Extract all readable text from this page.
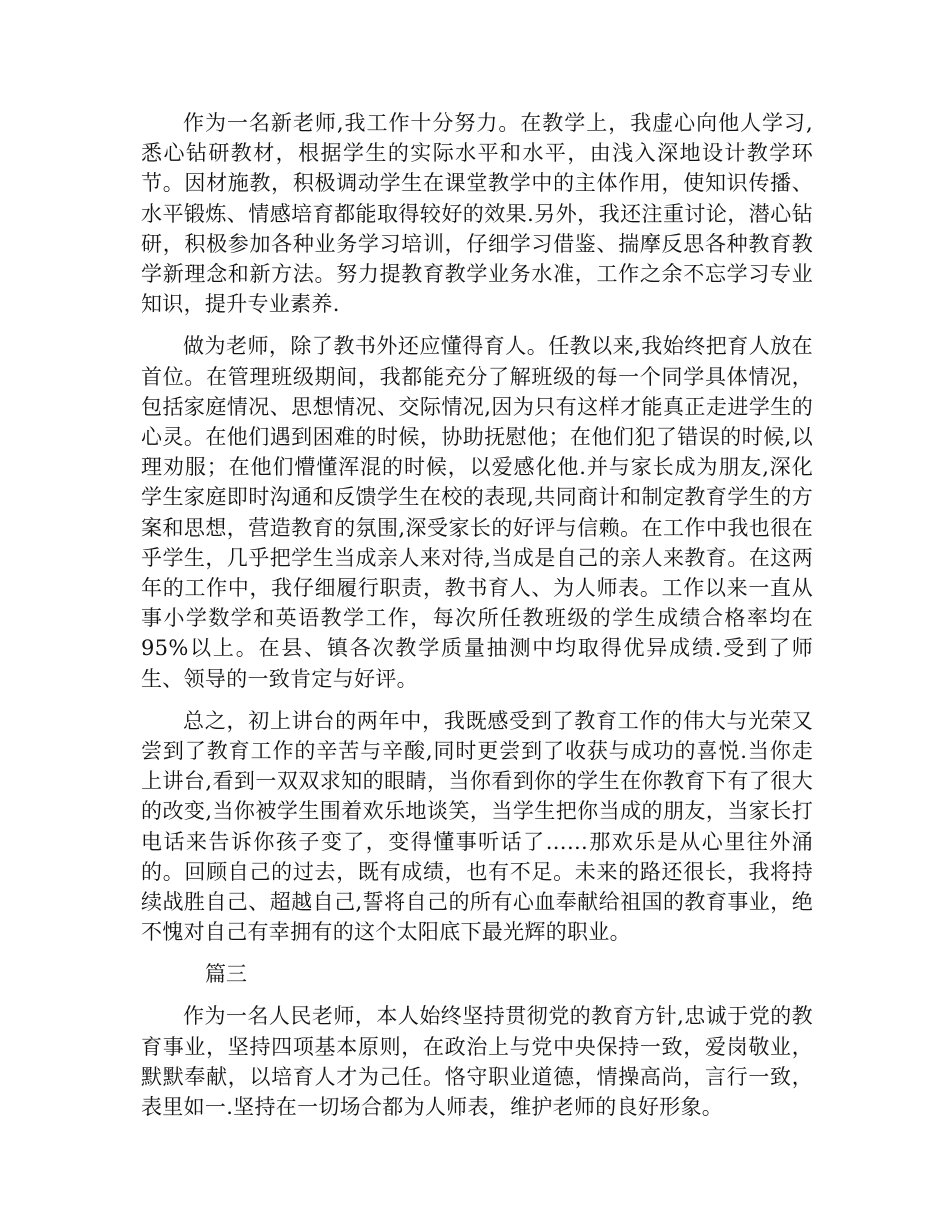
作为一名新老师,我工作十分努力。在教学上，我虚心向他人学习,悉心钻研教材，根据学生的实际水平和水平，由浅入深地设计教学环节。因材施教，积极调动学生在课堂教学中的主体作用，使知识传播、水平锻炼、情感培育都能取得较好的效果.另外，我还注重讨论，潜心钻研，积极参加各种业务学习培训，仔细学习借鉴、揣摩反思各种教育教学新理念和新方法。努力提教育教学业务水准，工作之余不忘学习专业知识，提升专业素养.

做为老师，除了教书外还应懂得育人。任教以来,我始终把育人放在首位。在管理班级期间，我都能充分了解班级的每一个同学具体情况，包括家庭情况、思想情况、交际情况,因为只有这样才能真正走进学生的心灵。在他们遇到困难的时候，协助抚慰他；在他们犯了错误的时候,以理劝服；在他们懵懂浑混的时候，以爱感化他.并与家长成为朋友,深化学生家庭即时沟通和反馈学生在校的表现,共同商计和制定教育学生的方案和思想，营造教育的氛围,深受家长的好评与信赖。在工作中我也很在乎学生，几乎把学生当成亲人来对待,当成是自己的亲人来教育。在这两年的工作中，我仔细履行职责，教书育人、为人师表。工作以来一直从事小学数学和英语教学工作，每次所任教班级的学生成绩合格率均在95%以上。在县、镇各次教学质量抽测中均取得优异成绩.受到了师生、领导的一致肯定与好评。

总之，初上讲台的两年中，我既感受到了教育工作的伟大与光荣又尝到了教育工作的辛苦与辛酸,同时更尝到了收获与成功的喜悦.当你走上讲台,看到一双双求知的眼睛，当你看到你的学生在你教育下有了很大的改变,当你被学生围着欢乐地谈笑，当学生把你当成的朋友，当家长打电话来告诉你孩子变了，变得懂事听话了……那欢乐是从心里往外涌的。回顾自己的过去，既有成绩，也有不足。未来的路还很长，我将持续战胜自己、超越自己,誓将自己的所有心血奉献给祖国的教育事业，绝不愧对自己有幸拥有的这个太阳底下最光辉的职业。

篇三

作为一名人民老师，本人始终坚持贯彻党的教育方针,忠诚于党的教育事业，坚持四项基本原则，在政治上与党中央保持一致，爱岗敬业，默默奉献，以培育人才为己任。恪守职业道德，情操高尚，言行一致，表里如一.坚持在一切场合都为人师表，维护老师的良好形象。
